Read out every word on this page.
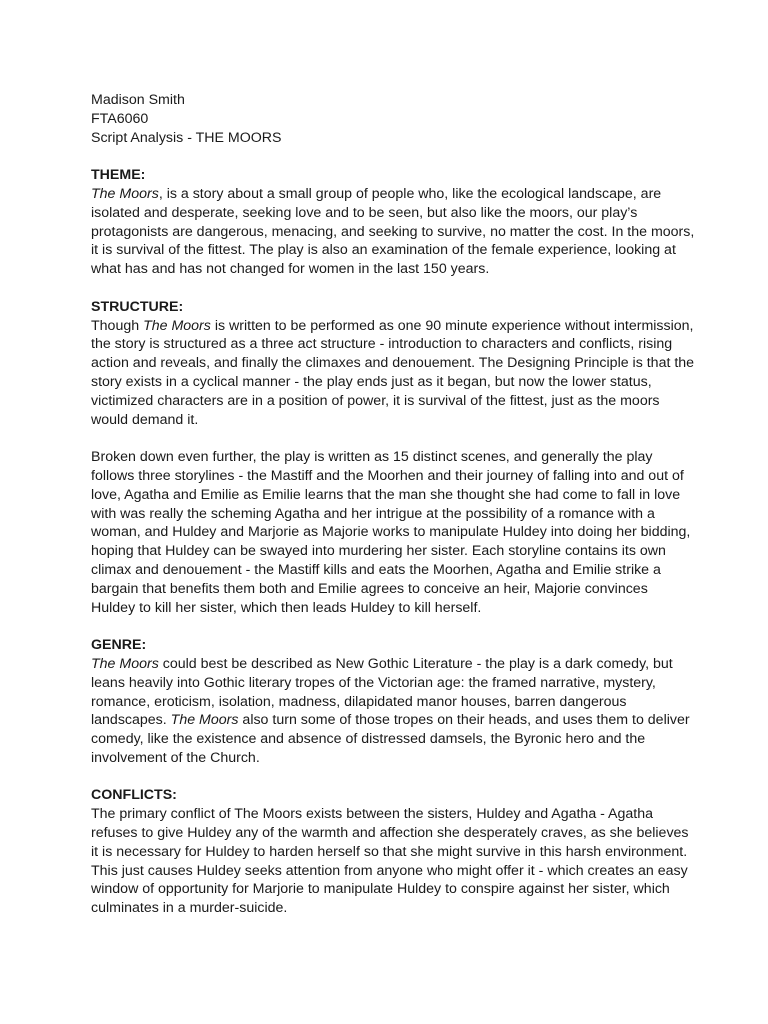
Madison Smith
FTA6060
Script Analysis - THE MOORS
THEME:

The Moors, is a story about a small group of people who, like the ecological landscape, are
isolated and desperate, seeking love and to be seen, but also like the moors, our play’s
protagonists are dangerous, menacing, and seeking to survive, no matter the cost. In the moors,
it is survival of the fittest. The play is also an examination of the female experience, looking at
what has and has not changed for women in the last 150 years.

STRUCTURE:

Though The Moors is written to be performed as one 90 minute experience without intermission,
the story is structured as a three act structure - introduction to characters and conflicts, rising
action and reveals, and finally the climaxes and denouement. The Designing Principle is that the
story exists in a cyclical manner - the play ends just as it began, but now the lower status,
victimized characters are in a position of power, it is survival of the fittest, just as the moors
would demand it.

Broken down even further, the play is written as 15 distinct scenes, and generally the play
follows three storylines - the Mastiff and the Moorhen and their journey of falling into and out of
love, Agatha and Emilie as Emilie learns that the man she thought she had come to fall in love
with was really the scheming Agatha and her intrigue at the possibility of a romance with a
woman, and Huldey and Marjorie as Majorie works to manipulate Huldey into doing her bidding,
hoping that Huldey can be swayed into murdering her sister. Each storyline contains its own
climax and denouement - the Mastiff kills and eats the Moorhen, Agatha and Emilie strike a
bargain that benefits them both and Emilie agrees to conceive an heir, Majorie convinces
Huldey to kill her sister, which then leads Huldey to kill herself.

GENRE:

The Moors could best be described as New Gothic Literature - the play is a dark comedy, but
leans heavily into Gothic literary tropes of the Victorian age: the framed narrative, mystery,
romance, eroticism, isolation, madness, dilapidated manor houses, barren dangerous
landscapes. The Moors also turn some of those tropes on their heads, and uses them to deliver
comedy, like the existence and absence of distressed damsels, the Byronic hero and the
involvement of the Church.

CONFLICTS:

The primary conflict of The Moors exists between the sisters, Huldey and Agatha - Agatha
refuses to give Huldey any of the warmth and affection she desperately craves, as she believes
it is necessary for Huldey to harden herself so that she might survive in this harsh environment.
This just causes Huldey seeks attention from anyone who might offer it - which creates an easy
window of opportunity for Marjorie to manipulate Huldey to conspire against her sister, which
culminates in a murder-suicide.
